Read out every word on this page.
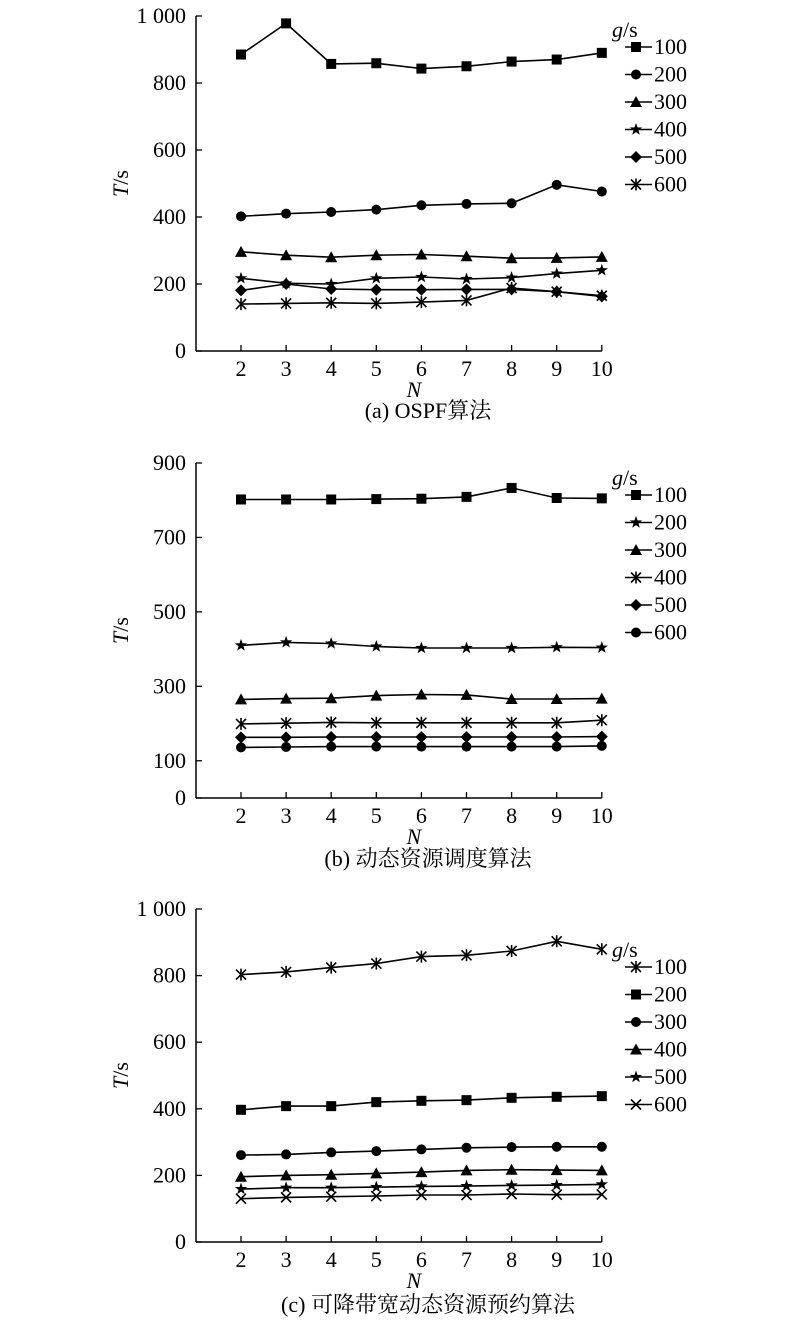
0
200
400
600
800
1 000
2 3 4 5 6 7 8 9 10
N
T/s
g/s
100
200
300
400
500
600
(a) OSPF算法
0
100
300
500
700
900
2 3 4 5 6 7 8 9 10
N
T/s
g/s
100
200
300
400
500
600
(b) 动态资源调度算法
0
200
400
600
800
1 000
2 3 4 5 6 7 8 9 10
N
T/s
g/s
100
200
300
400
500
600
(c) 可降带宽动态资源预约算法
